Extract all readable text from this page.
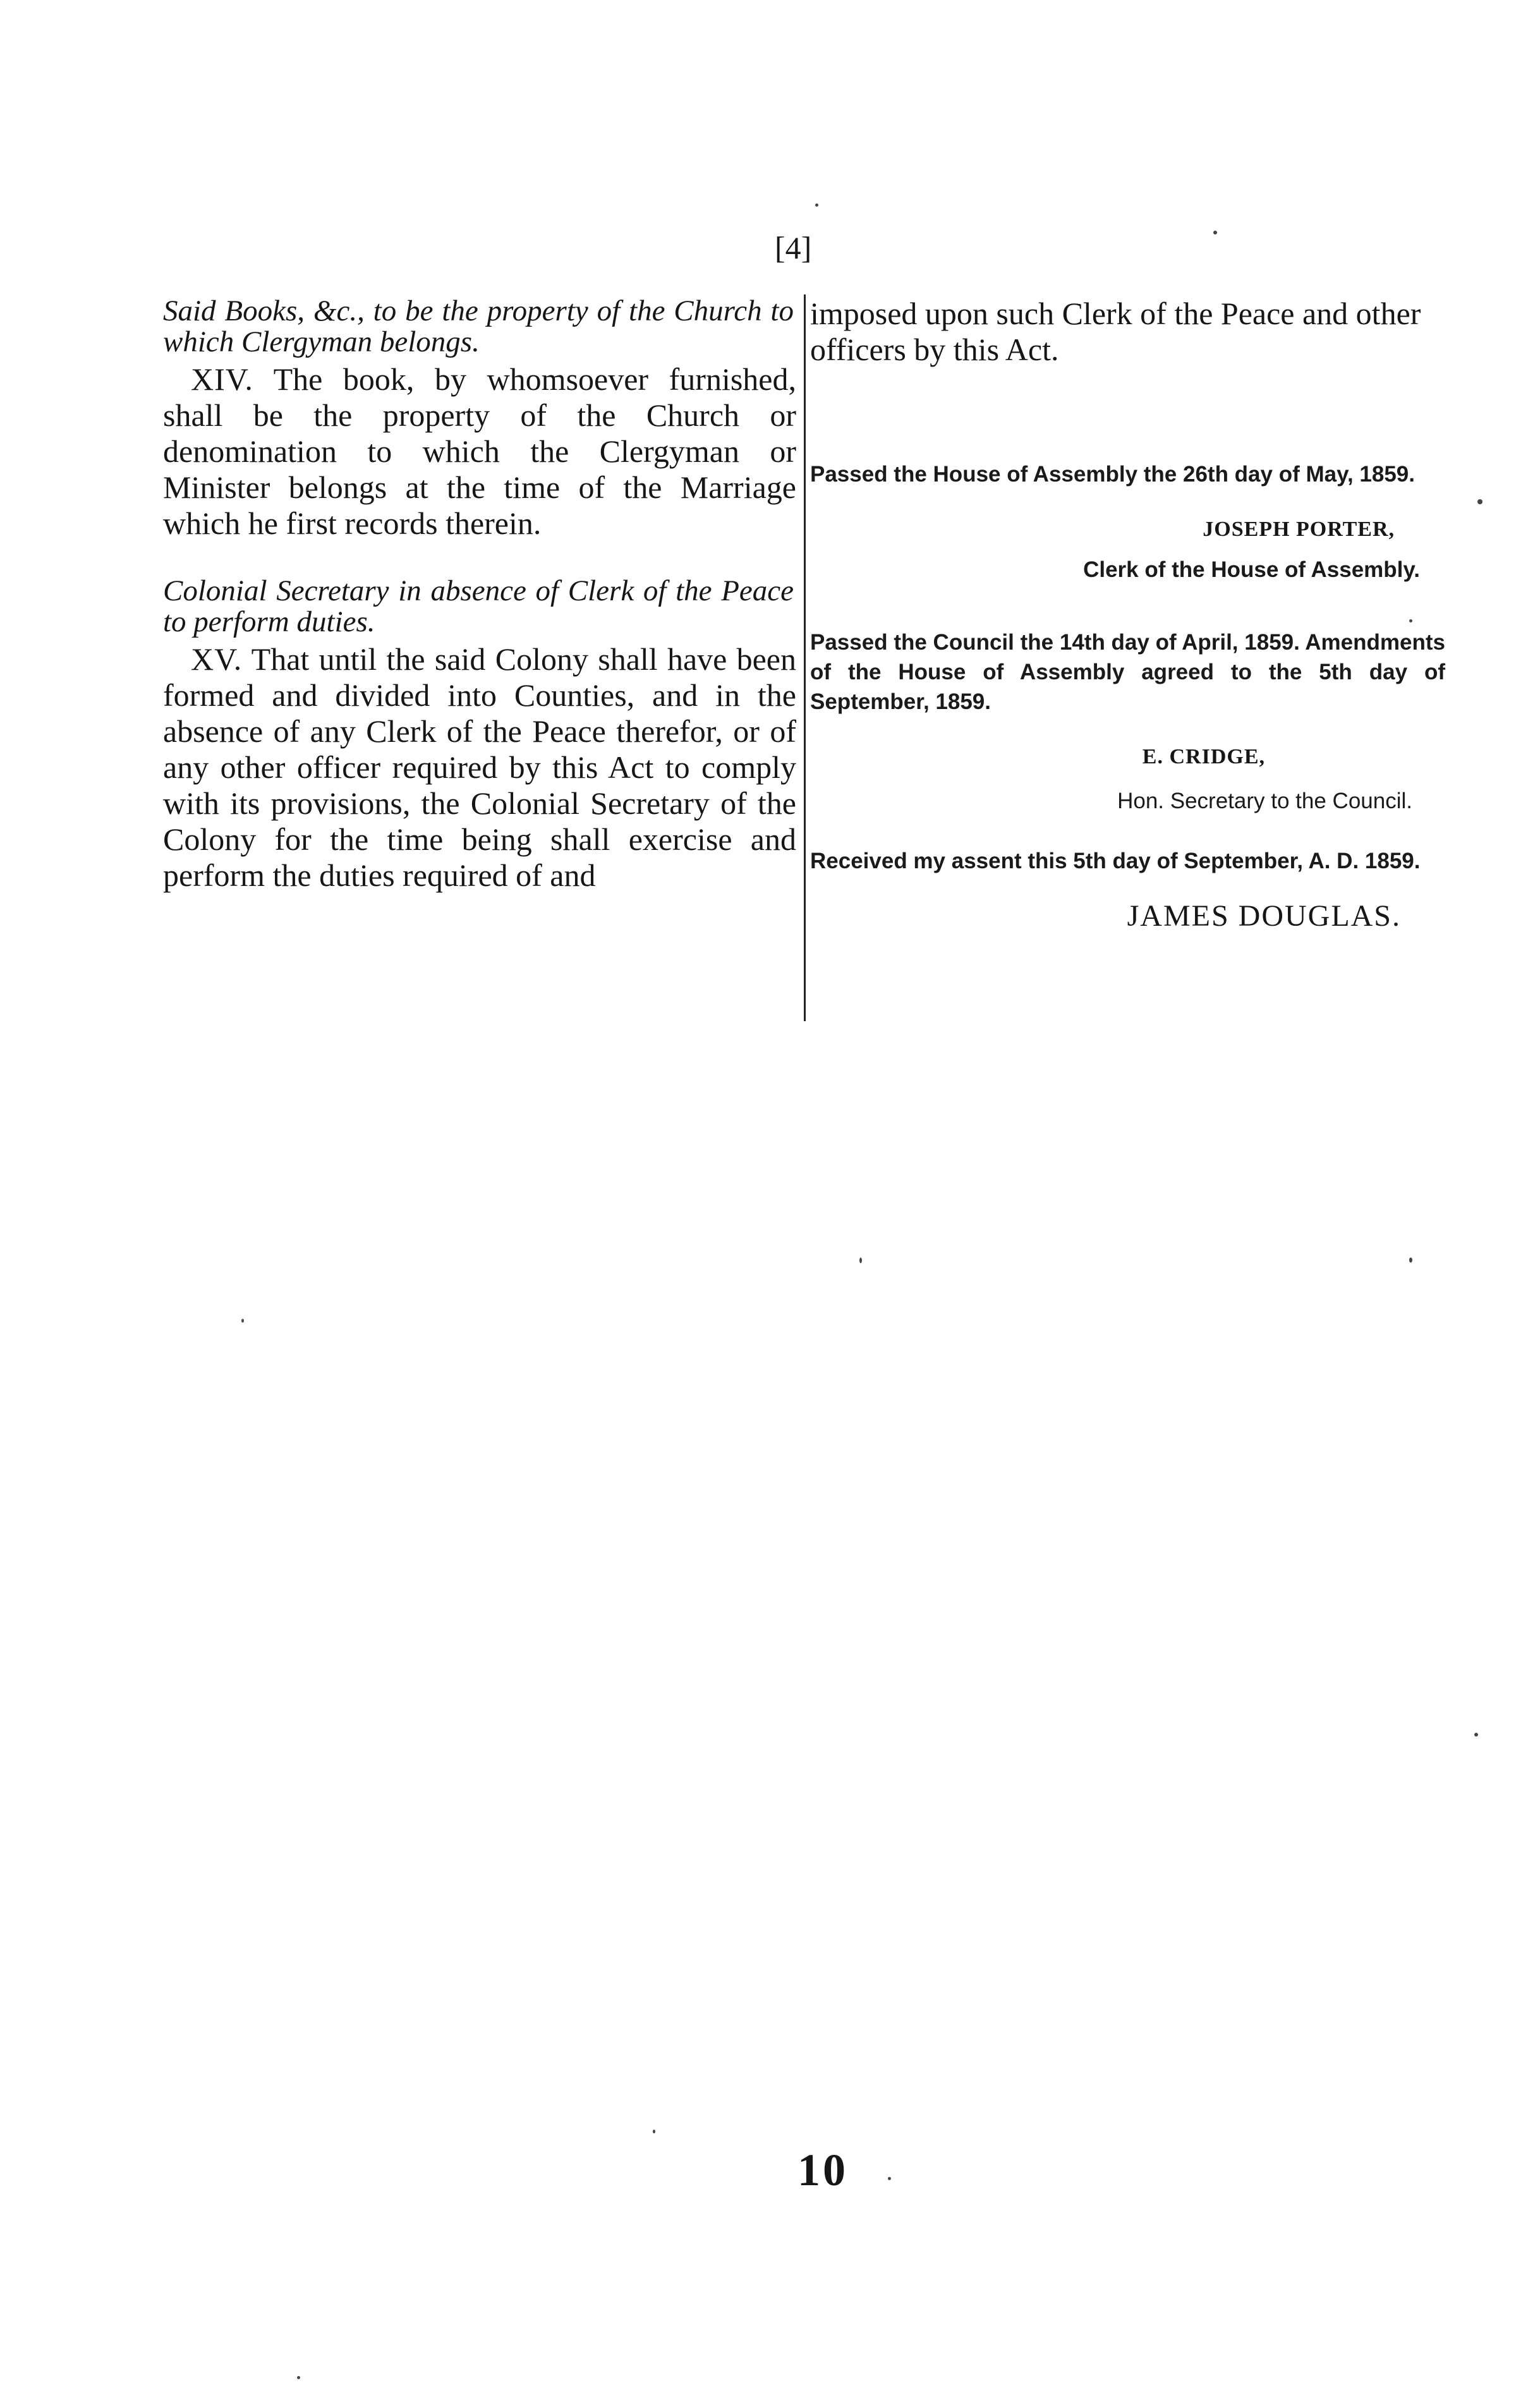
[4]

Said Books, &c., to be the property of the Church to which Clergyman belongs.

XIV. The book, by whomsoever furnished, shall be the property of the Church or denomination to which the Clergyman or Minister belongs at the time of the Marriage which he first records therein.

Colonial Secretary in absence of Clerk of the Peace to perform duties.

XV. That until the said Colony shall have been formed and divided into Counties, and in the absence of any Clerk of the Peace therefor, or of any other officer required by this Act to comply with its provisions, the Colonial Secretary of the Colony for the time being shall exercise and perform the duties required of and

imposed upon such Clerk of the Peace and other officers by this Act.

Passed the House of Assembly the 26th day of May, 1859.

JOSEPH PORTER,

Clerk of the House of Assembly.

Passed the Council the 14th day of April, 1859. Amendments of the House of Assembly agreed to the 5th day of September, 1859.

E. CRIDGE,

Hon. Secretary to the Council.

Received my assent this 5th day of September, A. D. 1859.

JAMES DOUGLAS.

10
